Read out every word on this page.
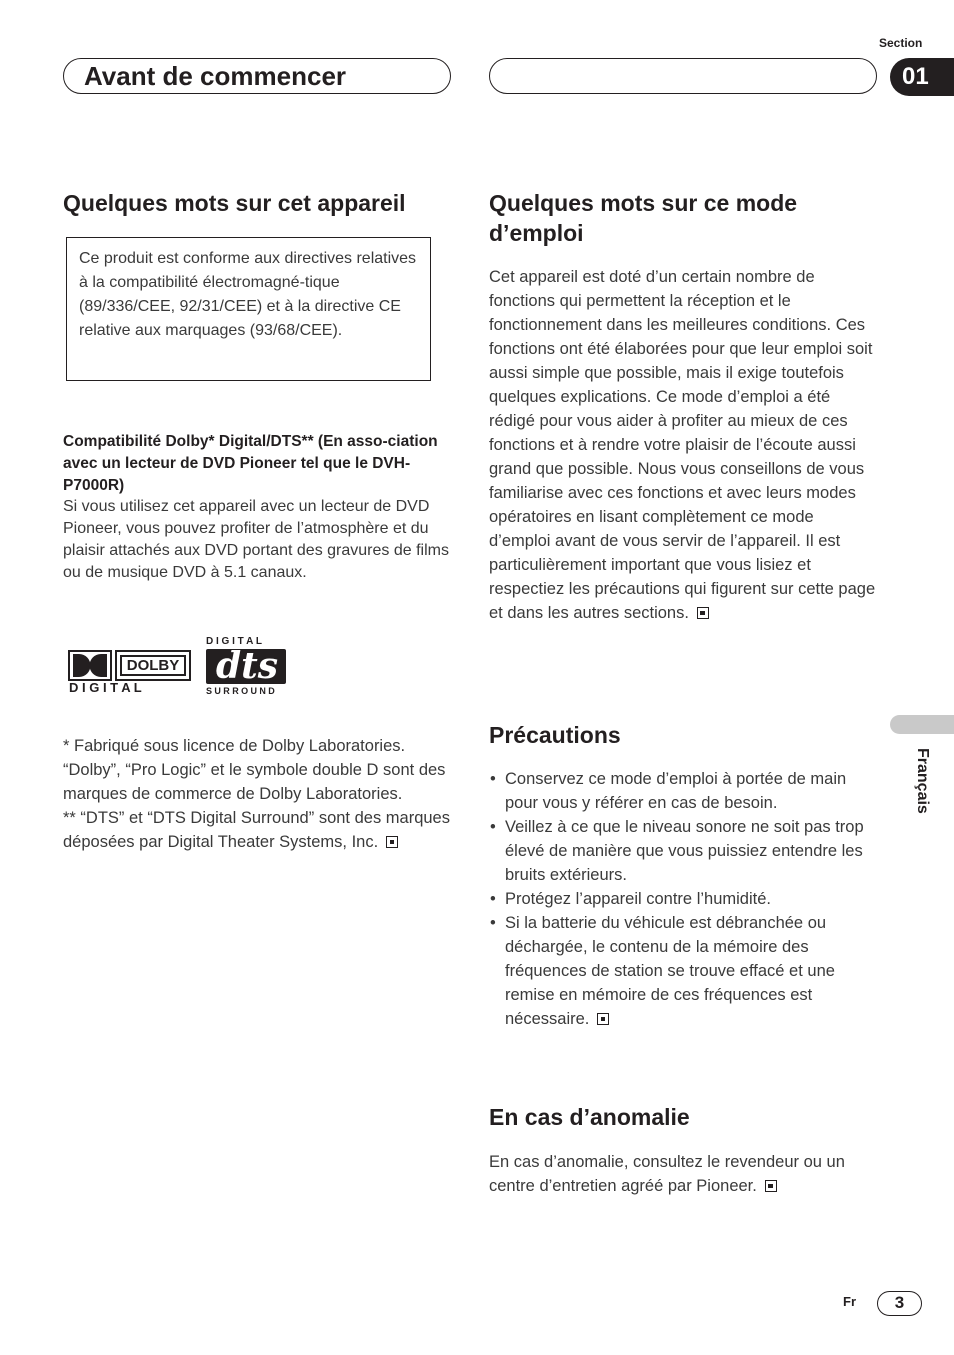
Section
Avant de commencer	01
Quelques mots sur cet appareil
Ce produit est conforme aux directives relatives à la compatibilité électromagné-tique (89/336/CEE, 92/31/CEE) et à la directive CE relative aux marquages (93/68/CEE).
Compatibilité Dolby* Digital/DTS** (En asso-ciation avec un lecteur de DVD Pioneer tel que le DVH-P7000R)
Si vous utilisez cet appareil avec un lecteur de DVD Pioneer, vous pouvez profiter de l’atmosphère et du plaisir attachés aux DVD portant des gravures de films ou de musique DVD à 5.1 canaux.
DOLBY
D I G I T A L
D I G I T A L
dts
SURROUND
* Fabriqué sous licence de Dolby Laboratories. “Dolby”, “Pro Logic” et le symbole double D sont des marques de commerce de Dolby Laboratories.
** “DTS” et “DTS Digital Surround” sont des marques déposées par Digital Theater Systems, Inc.
Quelques mots sur ce mode d’emploi
Cet appareil est doté d’un certain nombre de fonctions qui permettent la réception et le fonctionnement dans les meilleures conditions. Ces fonctions ont été élaborées pour que leur emploi soit aussi simple que possible, mais il exige toutefois quelques explications. Ce mode d’emploi a été rédigé pour vous aider à profiter au mieux de ces fonctions et à rendre votre plaisir de l’écoute aussi grand que possible. Nous vous conseillons de vous familiarise avec ces fonctions et avec leurs modes opératoires en lisant complètement ce mode d’emploi avant de vous servir de l’appareil. Il est particulièrement important que vous lisiez et respectiez les précautions qui figurent sur cette page et dans les autres sections.
Précautions
• Conservez ce mode d’emploi à portée de main pour vous y référer en cas de besoin.
• Veillez à ce que le niveau sonore ne soit pas trop élevé de manière que vous puissiez entendre les bruits extérieurs.
• Protégez l’appareil contre l’humidité.
• Si la batterie du véhicule est débranchée ou déchargée, le contenu de la mémoire des fréquences de station se trouve effacé et une remise en mémoire de ces fréquences est nécessaire.
En cas d’anomalie
En cas d’anomalie, consultez le revendeur ou un centre d’entretien agréé par Pioneer.
Français
Fr	3
